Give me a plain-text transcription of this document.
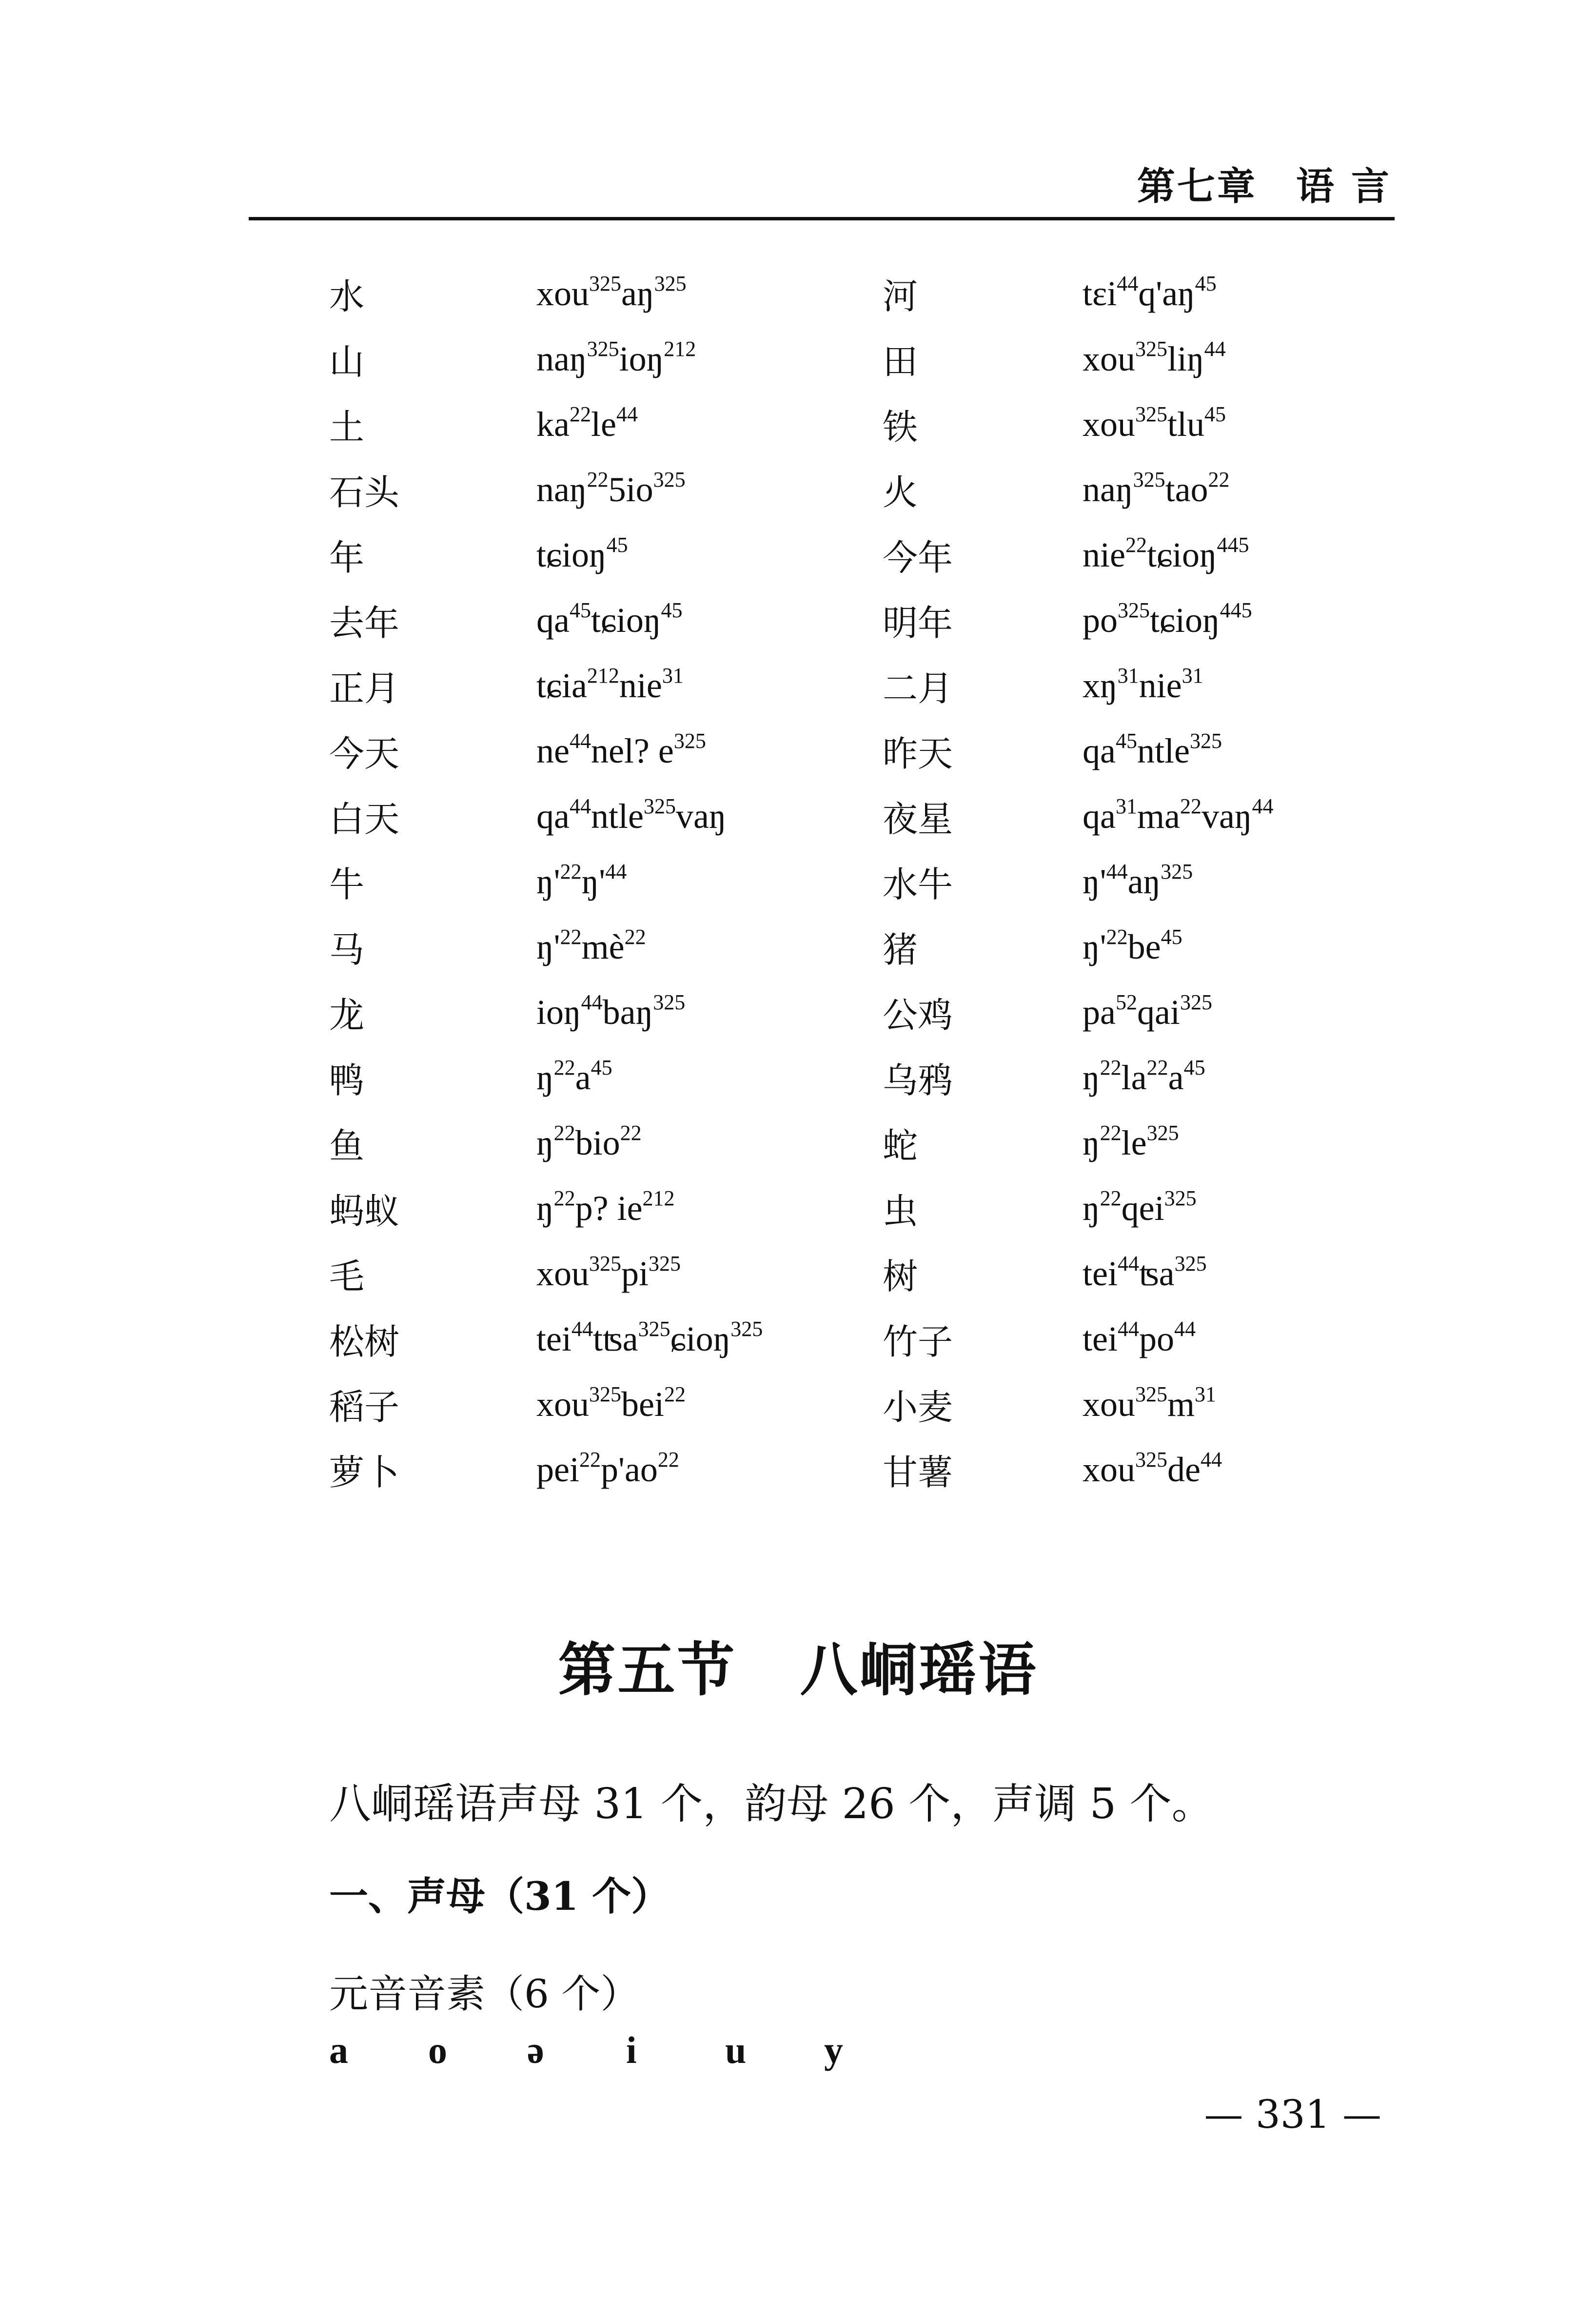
第七章 语 言
水	$xou^{325}aŋ^{325}$	河	$tɛi^{44}q'aŋ^{45}$
山	naŋ$^{325}$ioŋ$^{212}$	田	xou$^{325}$liŋ$^{44}$
土	$ka^{22}le^{44}$	铁	xou$^{325}$tlu$^{45}$
石头	$naŋ^{22}5io^{325}$	火	naŋ$^{325}$tao$^{22}$
年	tɕioŋ$^{45}$	今年	nie$^{22}$tɕioŋ$^{445}$
去年	$qa^{45}tɕioŋ^{45}$	明年	$po^{325}tɕioŋ^{445}$
正月	tɕia$^{212}$nie$^{31}$	二月	$xŋ^{31}nie^{31}$
今天	$ne^{44}nel$? $e^{325}$	昨天	$qa^{45}ntle^{325}$
白天	$qa^{44}ntle^{325}vaŋ$	夜星	$qa^{31}ma^{22}vaŋ^{44}$
牛	$ŋ'^{22}ŋ'^{44}$	水牛	$ŋ'^{44}aŋ^{325}$
马	$ŋ'^{22}mè^{22}$	猪	$ŋ'^{22}be^{45}$
龙	ioŋ$^{44}$baŋ$^{325}$	公鸡	$pa^{52}qai^{325}$
鸭	$ŋ^{22}a^{45}$	乌鸦	$ŋ^{22}la^{22}a^{45}$
鱼	$ŋ^{22}bio^{22}$	蛇	$ŋ^{22}le^{325}$
蚂蚁	$ŋ^{22}p$? $ie^{212}$	虫	$ŋ^{22}qei^{325}$
毛	$xou^{325}pi^{325}$	树	tei$^{44}$ʦa$^{325}$
松树	tei$^{44}$tʦa$^{325}$ɕioŋ$^{325}$	竹子	$tei^{44}po^{44}$
稻子	xou$^{325}$bei$^{22}$	小麦	$xou^{325}m^{31}$
萝卜	$pei^{22}p'ao^{22}$	甘薯	$xou^{325}de^{44}$
第五节 八峒瑶语
八峒瑶语声母 31 个，韵母 26 个，声调 5 个。
一、声母（31 个）
元音音素（6 个）
a	o	ə	i	u	y
— 331 —
